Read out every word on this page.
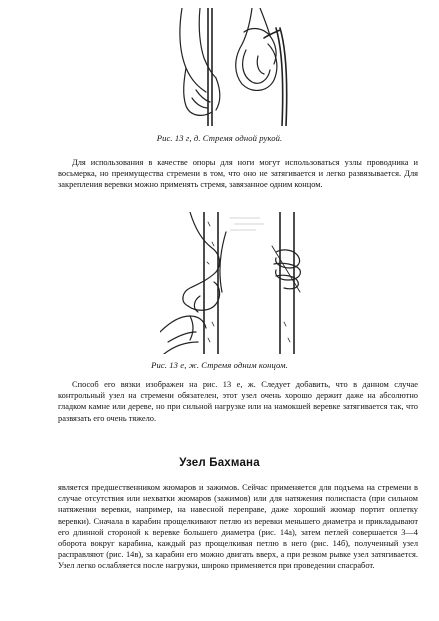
Рис. 13 г, д. Стремя одной рукой.

Для использования в качестве опоры для ноги могут использоваться узлы проводника и восьмерка, но преимущества стремени в том, что оно не затягивается и легко развязывается. Для закрепления веревки можно применять стремя, завязанное одним концом.

Рис. 13 е, ж. Стремя одним концом.

Способ его вязки изображен на рис. 13 е, ж. Следует добавить, что в данном случае контрольный узел на стремени обязателен, этот узел очень хорошо держит даже на абсолютно гладком камне или дереве, но при сильной нагрузке или на намокшей веревке затягивается так, что развязать его очень тяжело.

Узел Бахмана

является предшественником жюмаров и зажимов. Сейчас применяется для подъема на стремени в случае отсутствия или нехватки жюмаров (зажимов) или для натяжения полиспаста (при сильном натяжении веревки, например, на навесной переправе, даже хороший жюмар портит оплетку веревки). Сначала в карабин прощелкивают петлю из веревки меньшего диаметра и прикладывают его длинной стороной к веревке большего диаметра (рис. 14а), затем петлей совершается 3—4 оборота вокруг карабина, каждый раз прощелкивая петлю в него (рис. 14б), полученный узел расправляют (рис. 14в), за карабин его можно двигать вверх, а при резком рывке узел затягивается. Узел легко ослабляется после нагрузки, широко применяется при проведении спасработ.
